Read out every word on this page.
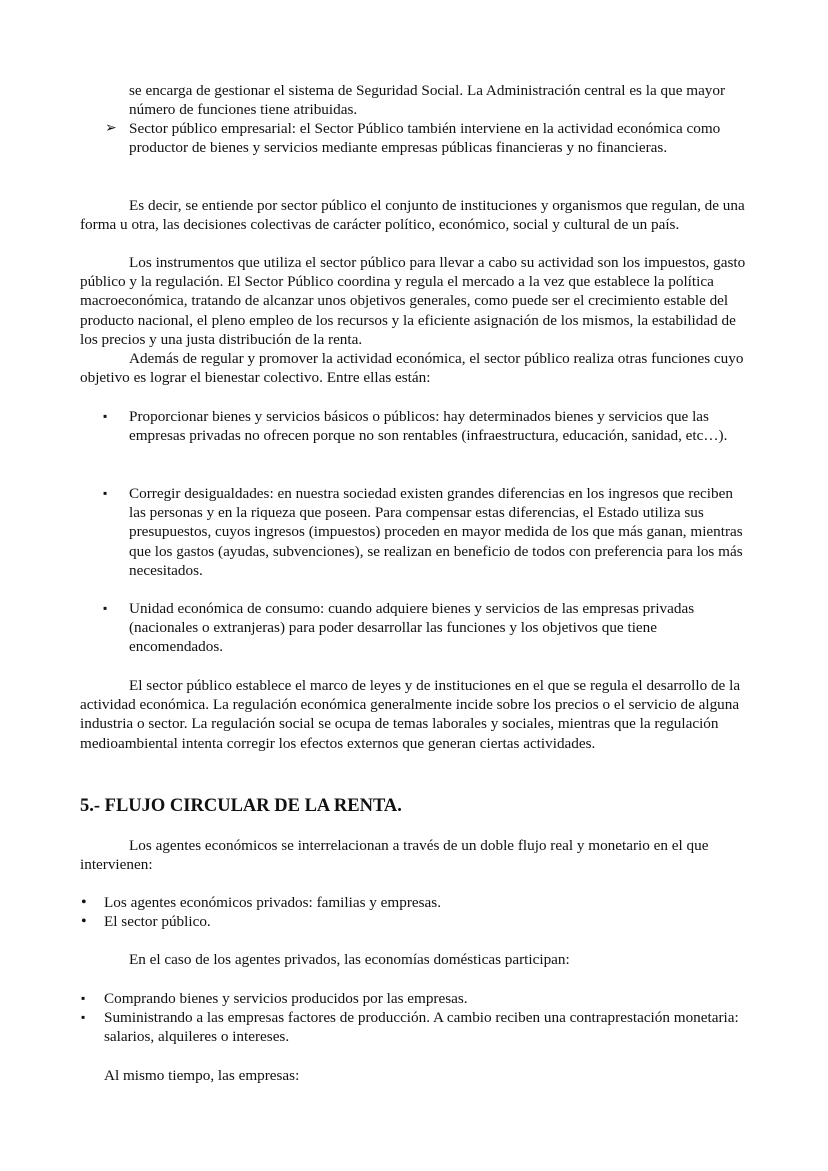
se encarga de gestionar el sistema de Seguridad Social. La Administración central es la que mayor número de funciones tiene atribuidas.

➢ Sector público empresarial: el Sector Público también interviene en la actividad económica como productor de bienes y servicios mediante empresas públicas financieras y no financieras.

Es decir, se entiende por sector público el conjunto de instituciones y organismos que regulan, de una forma u otra, las decisiones colectivas de carácter político, económico, social y cultural de un país.

Los instrumentos que utiliza el sector público para llevar a cabo su actividad son los impuestos, gasto público y la regulación. El Sector Público coordina y regula el mercado a la vez que establece la política macroeconómica, tratando de alcanzar unos objetivos generales, como puede ser el crecimiento estable del producto nacional, el pleno empleo de los recursos y la eficiente asignación de los mismos, la estabilidad de los precios y una justa distribución de la renta.

Además de regular y promover la actividad económica, el sector público realiza otras funciones cuyo objetivo es lograr el bienestar colectivo. Entre ellas están:

▪ Proporcionar bienes y servicios básicos o públicos: hay determinados bienes y servicios que las empresas privadas no ofrecen porque no son rentables (infraestructura, educación, sanidad, etc…).
▪ Corregir desigualdades: en nuestra sociedad existen grandes diferencias en los ingresos que reciben las personas y en la riqueza que poseen. Para compensar estas diferencias, el Estado utiliza sus presupuestos, cuyos ingresos (impuestos) proceden en mayor medida de los que más ganan, mientras que los gastos (ayudas, subvenciones), se realizan en beneficio de todos con preferencia para los más necesitados.
▪ Unidad económica de consumo: cuando adquiere bienes y servicios de las empresas privadas (nacionales o extranjeras) para poder desarrollar las funciones y los objetivos que tiene encomendados.

El sector público establece el marco de leyes y de instituciones en el que se regula el desarrollo de la actividad económica. La regulación económica generalmente incide sobre los precios o el servicio de alguna industria o sector. La regulación social se ocupa de temas laborales y sociales, mientras que la regulación medioambiental intenta corregir los efectos externos que generan ciertas actividades.

5.- FLUJO CIRCULAR DE LA RENTA.

Los agentes económicos se interrelacionan a través de un doble flujo real y monetario en el que intervienen:

• Los agentes económicos privados: familias y empresas.
• El sector público.

En el caso de los agentes privados, las economías domésticas participan:

▪ Comprando bienes y servicios producidos por las empresas.
▪ Suministrando a las empresas factores de producción. A cambio reciben una contraprestación monetaria: salarios, alquileres o intereses.

Al mismo tiempo, las empresas:
